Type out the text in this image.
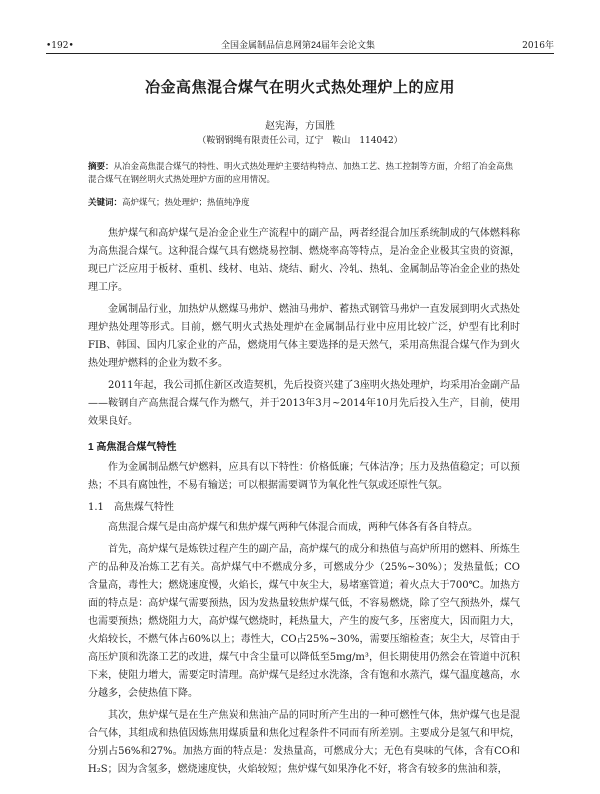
•192•	全国金属制品信息网第24届年会论文集	2016年
冶金高焦混合煤气在明火式热处理炉上的应用
赵宪海，方国胜
（鞍钢钢绳有限责任公司，辽宁　鞍山　114042）
摘要：从冶金高焦混合煤气的特性、明火式热处理炉主要结构特点、加热工艺、热工控制等方面，介绍了冶金高焦混合煤气在钢丝明火式热处理炉方面的应用情况。
关键词：高炉煤气；热处理炉；热值纯净度

焦炉煤气和高炉煤气是冶金企业生产流程中的副产品，两者经混合加压系统制成的气体燃料称为高焦混合煤气。这种混合煤气具有燃烧易控制、燃烧率高等特点，是冶金企业极其宝贵的资源，现已广泛应用于板材、重机、线材、电站、烧结、耐火、冷轧、热轧、金属制品等冶金企业的热处理工序。

金属制品行业，加热炉从燃煤马弗炉、燃油马弗炉、蓄热式钢管马弗炉一直发展到明火式热处理炉热处理等形式。目前，燃气明火式热处理炉在金属制品行业中应用比较广泛，炉型有比利时FIB、韩国、国内几家企业的产品，燃烧用气体主要选择的是天然气，采用高焦混合煤气作为到火热处理炉燃料的企业为数不多。

2011年起，我公司抓住新区改造契机，先后投资兴建了3座明火热处理炉，均采用冶金副产品——鞍钢自产高焦混合煤气作为燃气，并于2013年3月~2014年10月先后投入生产，目前，使用效果良好。

1 高焦混合煤气特性

作为金属制品燃气炉燃料，应具有以下特性：价格低廉；气体洁净；压力及热值稳定；可以预热；不具有腐蚀性，不易有输送；可以根据需要调节为氧化性气氛或还原性气氛。

1.1　高焦煤气特性

高焦混合煤气是由高炉煤气和焦炉煤气两种气体混合而成，两种气体各有各自特点。

首先，高炉煤气是炼铁过程产生的副产品，高炉煤气的成分和热值与高炉所用的燃料、所炼生产的品种及冶炼工艺有关。高炉煤气中不燃成分多，可燃成分少（25%~30%）；发热量低；CO含量高，毒性大；燃烧速度慢，火焰长，煤气中灰尘大，易堵塞管道；着火点大于700℃。加热方面的特点是：高炉煤气需要预热，因为发热量较焦炉煤气低，不容易燃烧，除了空气预热外，煤气也需要预热；燃烧阻力大，高炉煤气燃烧时，耗热量大，产生的废气多，压密度大，因而阻力大，火焰较长，不燃气体占60%以上；毒性大，CO占25%~30%，需要压缩检查；灰尘大，尽管由于高压炉顶和洗涤工艺的改进，煤气中含尘量可以降低至5mg/m³，但长期使用仍然会在管道中沉积下来，使阻力增大，需要定时清理。高炉煤气是经过水洗涤，含有饱和水蒸汽，煤气温度越高，水分越多，会使热值下降。

其次，焦炉煤气是在生产焦炭和焦油产品的同时所产生出的一种可燃性气体，焦炉煤气也是混合气体，其组成和热值因炼焦用煤质量和焦化过程条件不同而有所差别。主要成分是氢气和甲烷，分别占56%和27%。加热方面的特点是：发热量高，可燃成分大；无色有臭味的气体，含有CO和H₂S；因为含氢多，燃烧速度快，火焰较短；焦炉煤气如果净化不好，将含有较多的焦油和萘，
